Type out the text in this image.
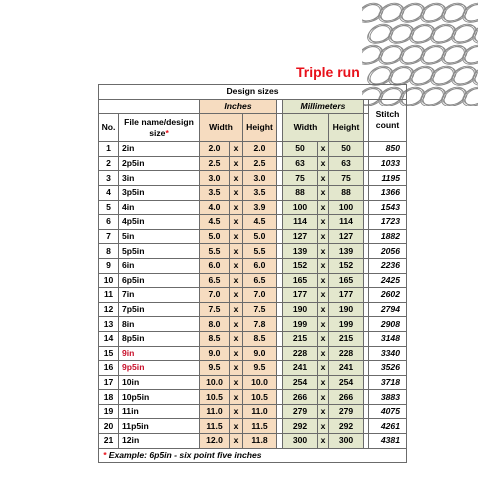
Triple run
Design sizes										
		Inches				Millimeters				Stitch count
No.	File name/design size*	Width		Height		Width		Height		
1	2in	2.0	x	2.0		50	x	50		850
2	2p5in	2.5	x	2.5		63	x	63		1033
3	3in	3.0	x	3.0		75	x	75		1195
4	3p5in	3.5	x	3.5		88	x	88		1366
5	4in	4.0	x	3.9		100	x	100		1543
6	4p5in	4.5	x	4.5		114	x	114		1723
7	5in	5.0	x	5.0		127	x	127		1882
8	5p5in	5.5	x	5.5		139	x	139		2056
9	6in	6.0	x	6.0		152	x	152		2236
10	6p5in	6.5	x	6.5		165	x	165		2425
11	7in	7.0	x	7.0		177	x	177		2602
12	7p5in	7.5	x	7.5		190	x	190		2794
13	8in	8.0	x	7.8		199	x	199		2908
14	8p5in	8.5	x	8.5		215	x	215		3148
15	9in	9.0	x	9.0		228	x	228		3340
16	9p5in	9.5	x	9.5		241	x	241		3526
17	10in	10.0	x	10.0		254	x	254		3718
18	10p5in	10.5	x	10.5		266	x	266		3883
19	11in	11.0	x	11.0		279	x	279		4075
20	11p5in	11.5	x	11.5		292	x	292		4261
21	12in	12.0	x	11.8		300	x	300		4381
* Example: 6p5in - six point five inches										
